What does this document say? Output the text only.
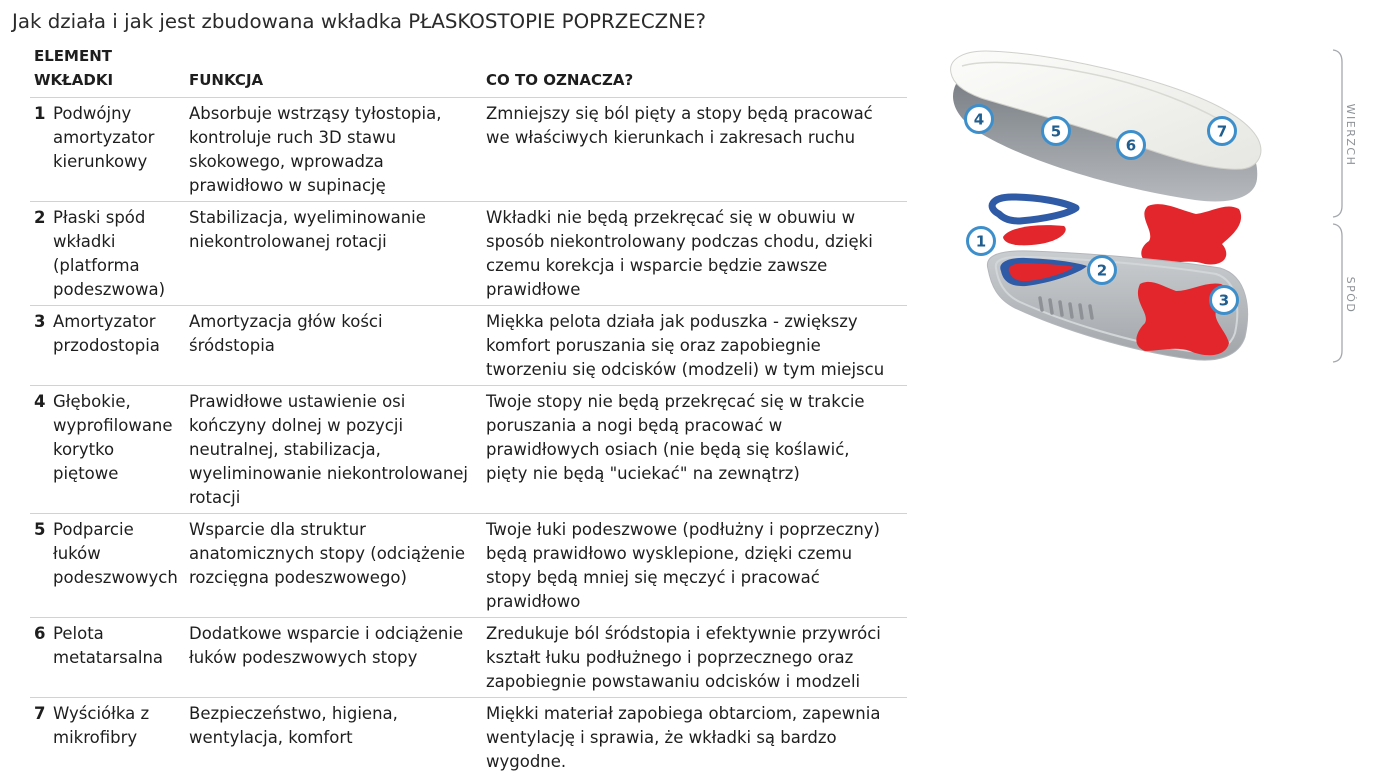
Jak działa i jak jest zbudowana wkładka PŁASKOSTOPIE POPRZECZNE?
ELEMENT
WKŁADKI	FUNKCJA	CO TO OZNACZA?

1 Podwójny
amortyzator
kierunkowy	Absorbuje wstrząsy tyłostopia,
kontroluje ruch 3D stawu
skokowego, wprowadza
prawidłowo w supinację	Zmniejszy się ból pięty a stopy będą pracować
we właściwych kierunkach i zakresach ruchu

2 Płaski spód
wkładki
(platforma
podeszwowa)	Stabilizacja, wyeliminowanie
niekontrolowanej rotacji	Wkładki nie będą przekręcać się w obuwiu w
sposób niekontrolowany podczas chodu, dzięki
czemu korekcja i wsparcie będzie zawsze
prawidłowe

3 Amortyzator
przodostopia	Amortyzacja głów kości
śródstopia	Miękka pelota działa jak poduszka - zwiększy
komfort poruszania się oraz zapobiegnie
tworzeniu się odcisków (modzeli) w tym miejscu

4 Głębokie,
wyprofilowane
korytko
piętowe	Prawidłowe ustawienie osi
kończyny dolnej w pozycji
neutralnej, stabilizacja,
wyeliminowanie niekontrolowanej
rotacji	Twoje stopy nie będą przekręcać się w trakcie
poruszania a nogi będą pracować w
prawidłowych osiach (nie będą się koślawić,
pięty nie będą "uciekać" na zewnątrz)

5 Podparcie
łuków
podeszwowych	Wsparcie dla struktur
anatomicznych stopy (odciążenie
rozcięgna podeszwowego)	Twoje łuki podeszwowe (podłużny i poprzeczny)
będą prawidłowo wysklepione, dzięki czemu
stopy będą mniej się męczyć i pracować
prawidłowo

6 Pelota
metatarsalna	Dodatkowe wsparcie i odciążenie
łuków podeszwowych stopy	Zredukuje ból śródstopia i efektywnie przywróci
kształt łuku podłużnego i poprzecznego oraz
zapobiegnie powstawaniu odcisków i modzeli

7 Wyściółka z
mikrofibry	Bezpieczeństwo, higiena,
wentylacja, komfort	Miękki materiał zapobiega obtarciom, zapewnia
wentylację i sprawia, że wkładki są bardzo
wygodne.
4
5
6
7
1
2
3
WIERZCH
SPÓD
